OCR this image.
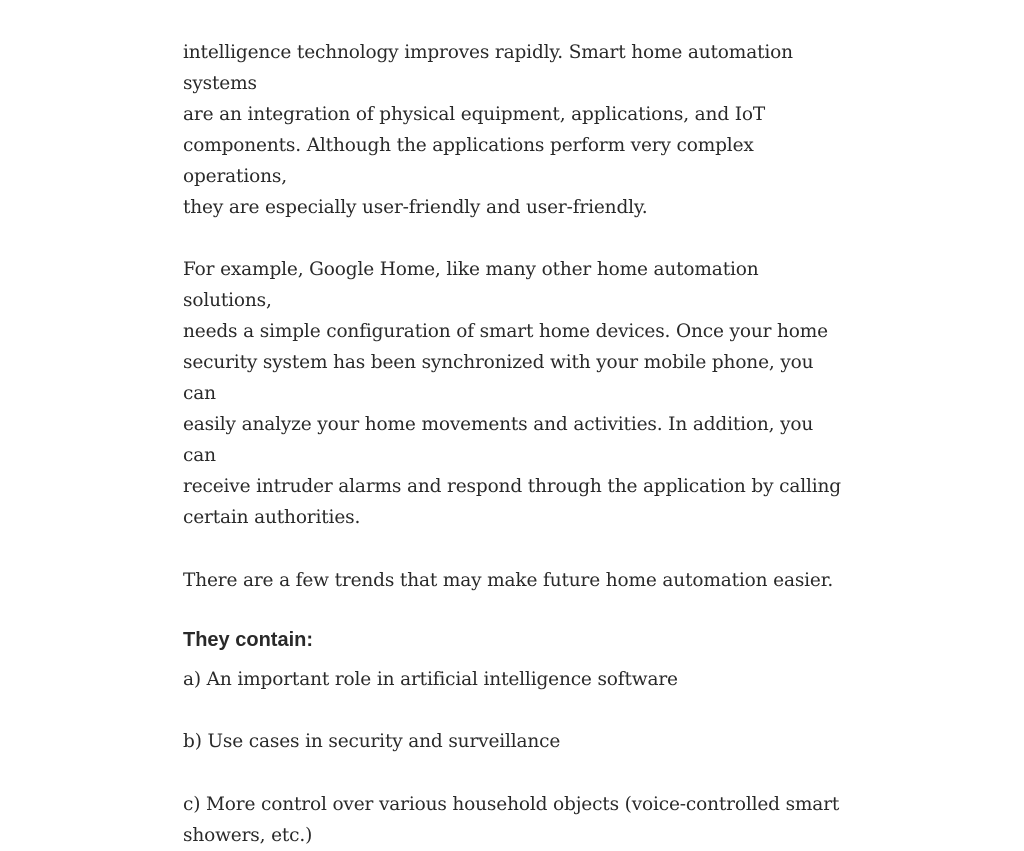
intelligence technology improves rapidly. Smart home automation systems
are an integration of physical equipment, applications, and IoT
components. Although the applications perform very complex operations,
they are especially user-friendly and user-friendly.

For example, Google Home, like many other home automation solutions,
needs a simple configuration of smart home devices. Once your home
security system has been synchronized with your mobile phone, you can
easily analyze your home movements and activities. In addition, you can
receive intruder alarms and respond through the application by calling
certain authorities.

There are a few trends that may make future home automation easier.

They contain:

a) An important role in artificial intelligence software

b) Use cases in security and surveillance

c) More control over various household objects (voice-controlled smart
showers, etc.)
